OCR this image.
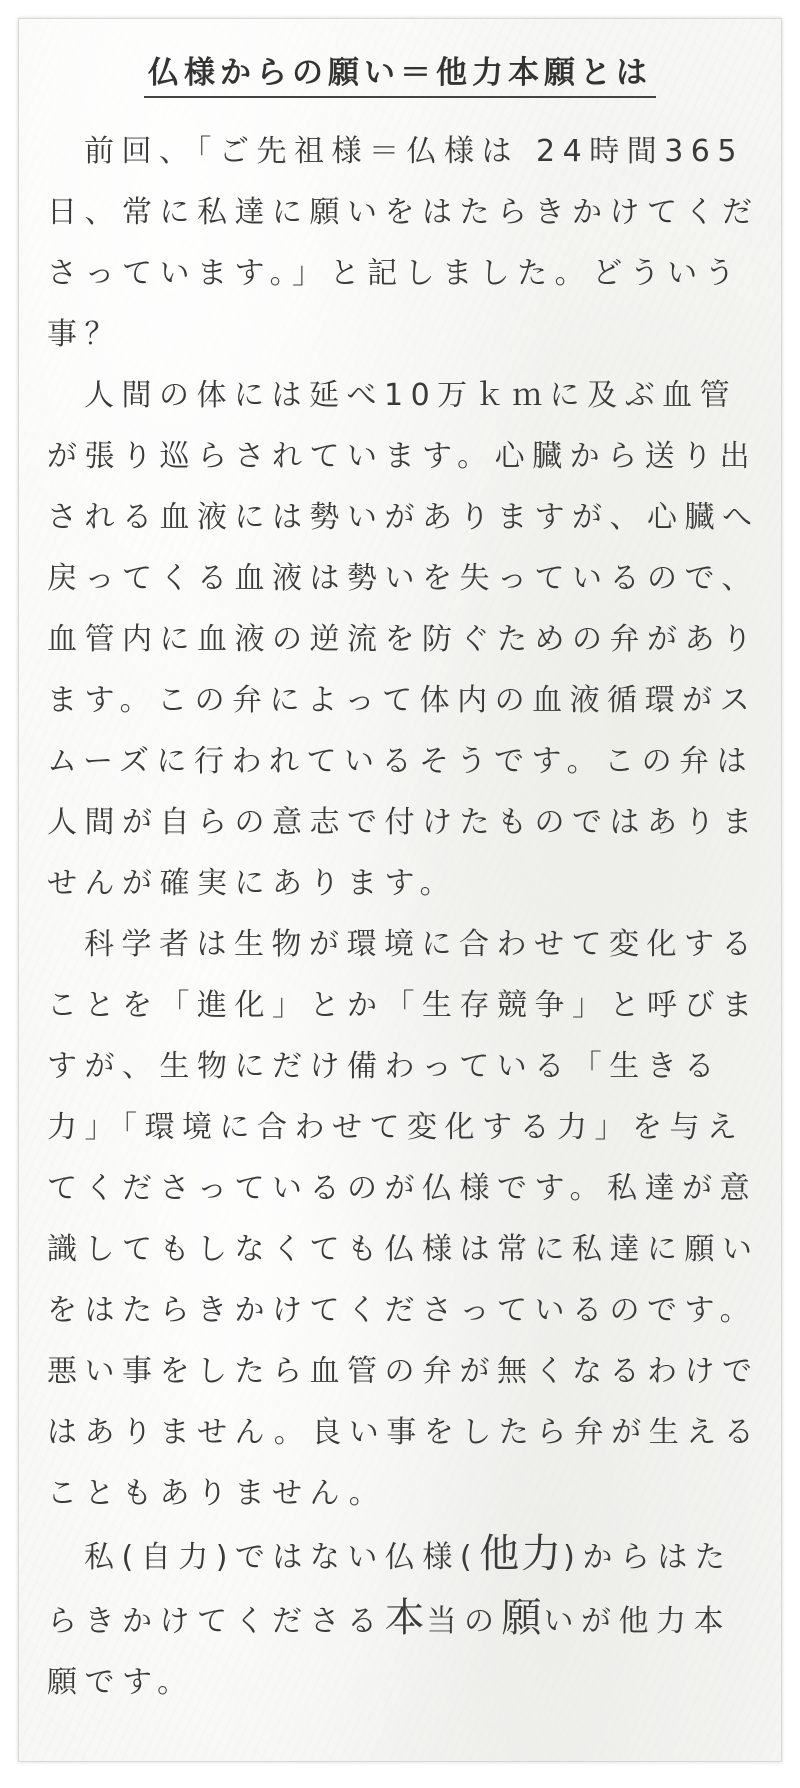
仏様からの願い＝他力本願とは

前回、「ご先祖様＝仏様は 24時間365日、常に私達に願いをはたらきかけてくださっています。」と記しました。どういう事？

人間の体には延べ10万ｋｍに及ぶ血管が張り巡らされています。心臓から送り出される血液には勢いがありますが、心臓へ戻ってくる血液は勢いを失っているので、血管内に血液の逆流を防ぐための弁があります。この弁によって体内の血液循環がスムーズに行われているそうです。この弁は人間が自らの意志で付けたものではありませんが確実にあります。

科学者は生物が環境に合わせて変化することを「進化」とか「生存競争」と呼びますが、生物にだけ備わっている「生きる力」「環境に合わせて変化する力」を与えてくださっているのが仏様です。私達が意識してもしなくても仏様は常に私達に願いをはたらきかけてくださっているのです。悪い事をしたら血管の弁が無くなるわけではありません。良い事をしたら弁が生えることもありません。

私(自力)ではない仏様(他力)からはたらきかけてくださる本当の願いが他力本願です。
